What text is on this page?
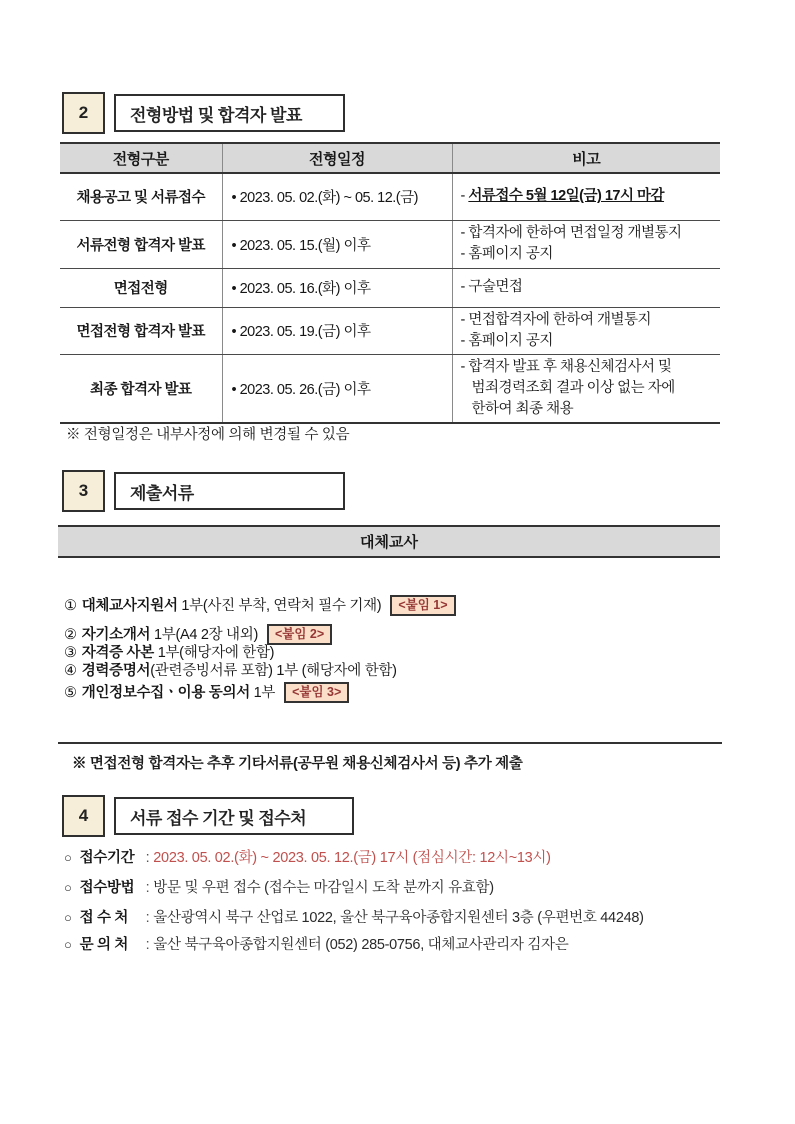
2	전형방법 및 합격자 발표
전형구분	전형일정	비고
채용공고 및 서류접수	• 2023. 05. 02.(화) ~ 05. 12.(금)	- 서류접수 5월 12일(금) 17시 마감

서류전형 합격자 발표	• 2023. 05. 15.(월) 이후	- 합격자에 한하여 면접일정 개별통지
- 홈페이지 공지

면접전형	• 2023. 05. 16.(화) 이후	- 구술면접

면접전형 합격자 발표	• 2023. 05. 19.(금) 이후	- 면접합격자에 한하여 개별통지
- 홈페이지 공지

최종 합격자 발표	• 2023. 05. 26.(금) 이후	- 합격자 발표 후 채용신체검사서 및 범죄경력조회 결과 이상 없는 자에 한하여 최종 채용
※ 전형일정은 내부사정에 의해 변경될 수 있음
3	제출서류
대체교사
① 대체교사지원서 1부(사진 부착, 연락처 필수 기재) <붙임 1>
② 자기소개서 1부(A4 2장 내외) <붙임 2>
③ 자격증 사본 1부(해당자에 한함)
④ 경력증명서(관련증빙서류 포함) 1부 (해당자에 한함)
⑤ 개인정보수집ㆍ이용 동의서 1부 <붙임 3>
※ 면접전형 합격자는 추후 기타서류(공무원 채용신체검사서 등) 추가 제출
4	서류 접수 기간 및 접수처
○ 접수기간 : 2023. 05. 02.(화) ~ 2023. 05. 12.(금) 17시 (점심시간: 12시~13시)
○ 접수방법 : 방문 및 우편 접수 (접수는 마감일시 도착 분까지 유효함)
○ 접 수 처 : 울산광역시 북구 산업로 1022, 울산 북구육아종합지원센터 3층 (우편번호 44248)
○ 문 의 처 : 울산 북구육아종합지원센터 (052) 285-0756, 대체교사관리자 김자은
